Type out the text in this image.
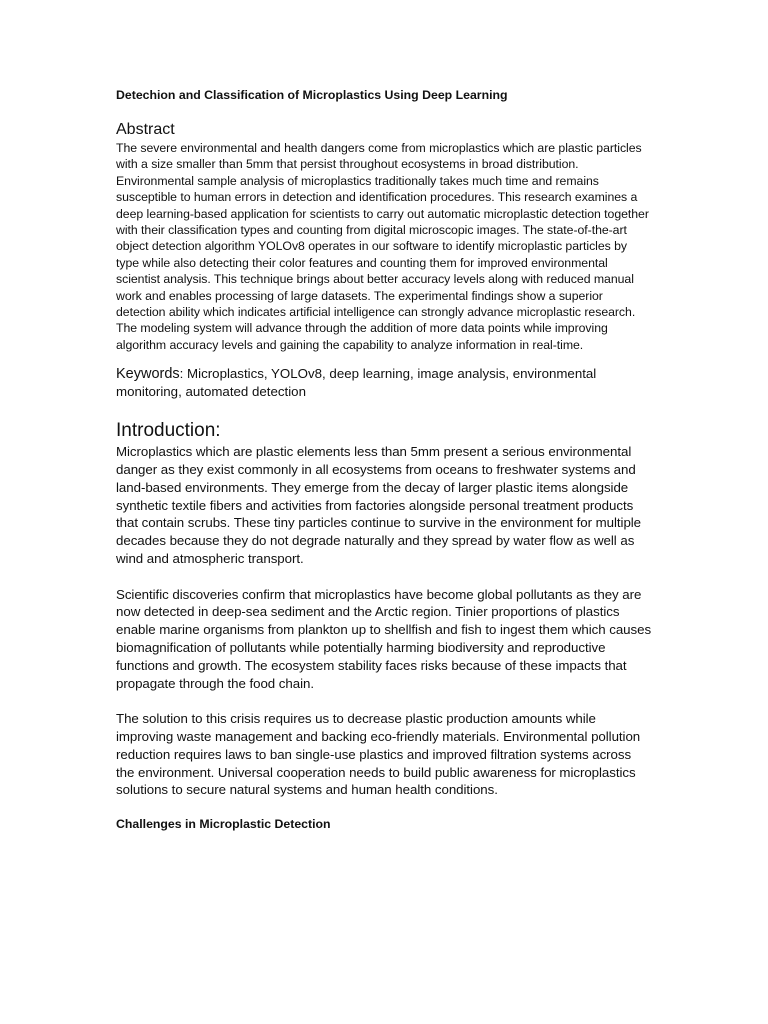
Detechion and Classification of Microplastics Using Deep Learning

Abstract

The severe environmental and health dangers come from microplastics which are plastic particles with a size smaller than 5mm that persist throughout ecosystems in broad distribution. Environmental sample analysis of microplastics traditionally takes much time and remains susceptible to human errors in detection and identification procedures. This research examines a deep learning-based application for scientists to carry out automatic microplastic detection together with their classification types and counting from digital microscopic images. The state-of-the-art object detection algorithm YOLOv8 operates in our software to identify microplastic particles by type while also detecting their color features and counting them for improved environmental scientist analysis. This technique brings about better accuracy levels along with reduced manual work and enables processing of large datasets. The experimental findings show a superior detection ability which indicates artificial intelligence can strongly advance microplastic research. The modeling system will advance through the addition of more data points while improving algorithm accuracy levels and gaining the capability to analyze information in real-time.

Keywords: Microplastics, YOLOv8, deep learning, image analysis, environmental monitoring, automated detection

Introduction:

Microplastics which are plastic elements less than 5mm present a serious environmental danger as they exist commonly in all ecosystems from oceans to freshwater systems and land-based environments. They emerge from the decay of larger plastic items alongside synthetic textile fibers and activities from factories alongside personal treatment products that contain scrubs. These tiny particles continue to survive in the environment for multiple decades because they do not degrade naturally and they spread by water flow as well as wind and atmospheric transport.

Scientific discoveries confirm that microplastics have become global pollutants as they are now detected in deep-sea sediment and the Arctic region. Tinier proportions of plastics enable marine organisms from plankton up to shellfish and fish to ingest them which causes biomagnification of pollutants while potentially harming biodiversity and reproductive functions and growth. The ecosystem stability faces risks because of these impacts that propagate through the food chain.

The solution to this crisis requires us to decrease plastic production amounts while improving waste management and backing eco-friendly materials. Environmental pollution reduction requires laws to ban single-use plastics and improved filtration systems across the environment. Universal cooperation needs to build public awareness for microplastics solutions to secure natural systems and human health conditions.

Challenges in Microplastic Detection
